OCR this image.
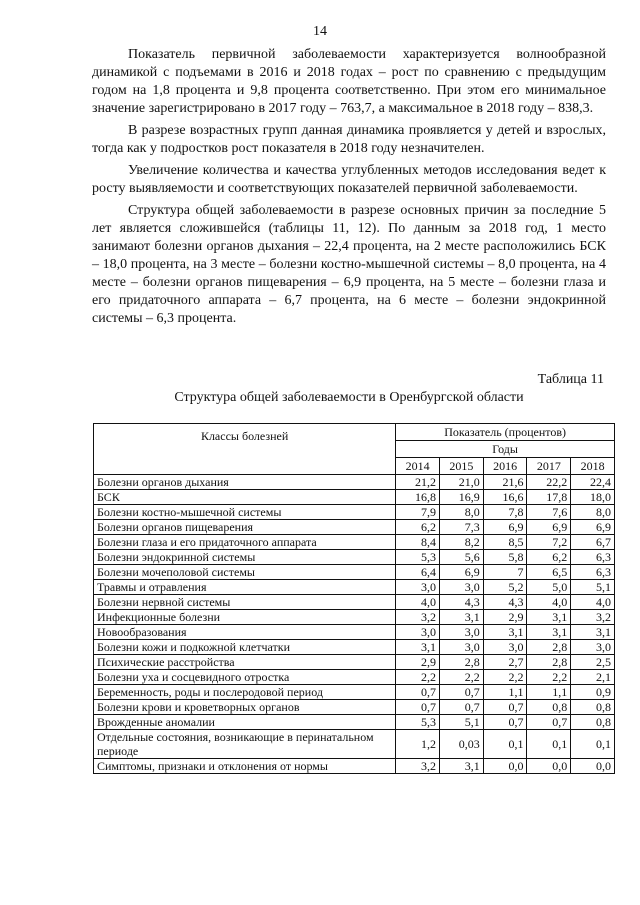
14

Показатель первичной заболеваемости характеризуется волнообразной динамикой с подъемами в 2016 и 2018 годах – рост по сравнению с предыдущим годом на 1,8 процента и 9,8 процента соответственно. При этом его минимальное значение зарегистрировано в 2017 году – 763,7, а максимальное в 2018 году – 838,3.

В разрезе возрастных групп данная динамика проявляется у детей и взрослых, тогда как у подростков рост показателя в 2018 году незначителен.

Увеличение количества и качества углубленных методов исследования ведет к росту выявляемости и соответствующих показателей первичной заболеваемости.

Структура общей заболеваемости в разрезе основных причин за последние 5 лет является сложившейся (таблицы 11, 12). По данным за 2018 год, 1 место занимают болезни органов дыхания – 22,4 процента, на 2 месте расположились БСК – 18,0 процента, на 3 месте – болезни костно-мышечной системы – 8,0 процента, на 4 месте – болезни органов пищеварения – 6,9 процента, на 5 месте – болезни глаза и его придаточного аппарата – 6,7 процента, на 6 месте – болезни эндокринной системы – 6,3 процента.

Таблица 11
Структура общей заболеваемости в Оренбургской области
Классы болезней	Показатель (процентов)				
	Годы				
	2014	2015	2016	2017	2018
Болезни органов дыхания	21,2	21,0	21,6	22,2	22,4
БСК	16,8	16,9	16,6	17,8	18,0
Болезни костно-мышечной системы	7,9	8,0	7,8	7,6	8,0
Болезни органов пищеварения	6,2	7,3	6,9	6,9	6,9
Болезни глаза и его придаточного аппарата	8,4	8,2	8,5	7,2	6,7
Болезни эндокринной системы	5,3	5,6	5,8	6,2	6,3
Болезни мочеполовой системы	6,4	6,9	7	6,5	6,3
Травмы и отравления	3,0	3,0	5,2	5,0	5,1
Болезни нервной системы	4,0	4,3	4,3	4,0	4,0
Инфекционные болезни	3,2	3,1	2,9	3,1	3,2
Новообразования	3,0	3,0	3,1	3,1	3,1
Болезни кожи и подкожной клетчатки	3,1	3,0	3,0	2,8	3,0
Психические расстройства	2,9	2,8	2,7	2,8	2,5
Болезни уха и сосцевидного отростка	2,2	2,2	2,2	2,2	2,1
Беременность, роды и послеродовой период	0,7	0,7	1,1	1,1	0,9
Болезни крови и кроветворных органов	0,7	0,7	0,7	0,8	0,8
Врожденные аномалии	5,3	5,1	0,7	0,7	0,8
Отдельные состояния, возникающие в перинатальном периоде	1,2	0,03	0,1	0,1	0,1
Симптомы, признаки и отклонения от нормы	3,2	3,1	0,0	0,0	0,0
